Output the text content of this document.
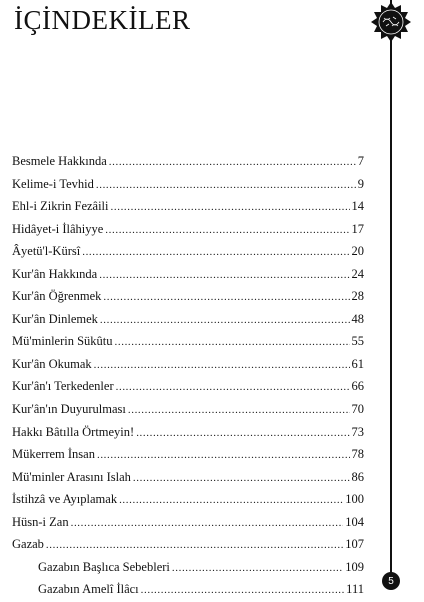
İÇİNDEKİLER
Besmele Hakkında .....	7
Kelime-i Tevhid .....	9
Ehl-i Zikrin Fezâili .....	14
Hidâyet-i İlâhiyye .....	17
Âyetü'l-Kürsî .....	20
Kur'ân Hakkında .....	24
Kur'ân Öğrenmek .....	28
Kur'ân Dinlemek .....	48
Mü'minlerin Sükûtu .....	55
Kur'ân Okumak .....	61
Kur'ân'ı Terkedenler .....	66
Kur'ân'ın Duyurulması .....	70
Hakkı Bâtılla Örtmeyin! .....	73
Mükerrem İnsan .....	78
Mü'minler Arasını Islah .....	86
İstihzâ ve Ayıplamak .....	100
Hüsn-i Zan .....	104
Gazab .....	107
Gazabın Başlıca Sebebleri .....	109
Gazabın Amelî İlâcı .....	111
5
